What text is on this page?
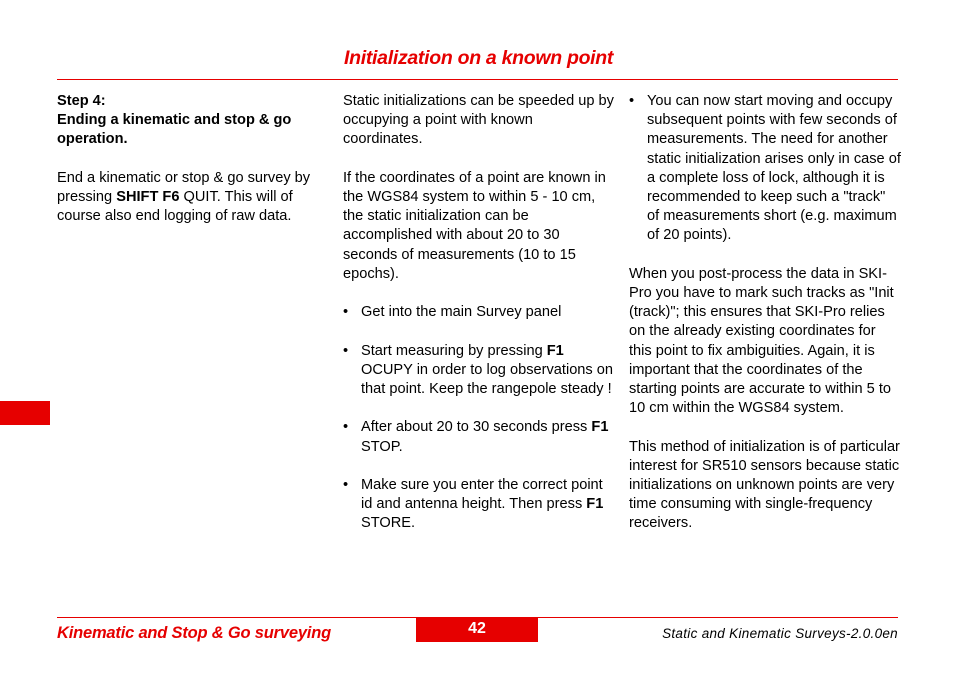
Initialization on a known point

Step 4:
Ending a kinematic and stop & go operation.

End a kinematic or stop & go survey by pressing SHIFT F6 QUIT. This will of course also end logging of raw data.

Static initializations can be speeded up by occupying a point with known coordinates.

If the coordinates of a point are known in the WGS84 system to within 5 - 10 cm, the static initialization can be accomplished with about 20 to 30 seconds of measurements (10 to 15 epochs).

• Get into the main Survey panel
• Start measuring by pressing F1 OCUPY in order to log observations on that point. Keep the rangepole steady !
• After about 20 to 30 seconds press F1 STOP.
• Make sure you enter the correct point id and antenna height. Then press F1 STORE.
• You can now start moving and occupy subsequent points with few seconds of measurements. The need for another static initialization arises only in case of a complete loss of lock, although it is recommended to keep such a "track" of measurements short (e.g. maximum of 20 points).

When you post-process the data in SKI-Pro you have to mark such tracks as "Init (track)"; this ensures that SKI-Pro relies on the already existing coordinates for this point to fix ambiguities. Again, it is important that the coordinates of the starting points are accurate to within 5 to 10 cm within the WGS84 system.

This method of initialization is of particular interest for SR510 sensors because static initializations on unknown points are very time consuming with single-frequency receivers.

Kinematic and Stop & Go surveying	42	Static and Kinematic Surveys-2.0.0en
